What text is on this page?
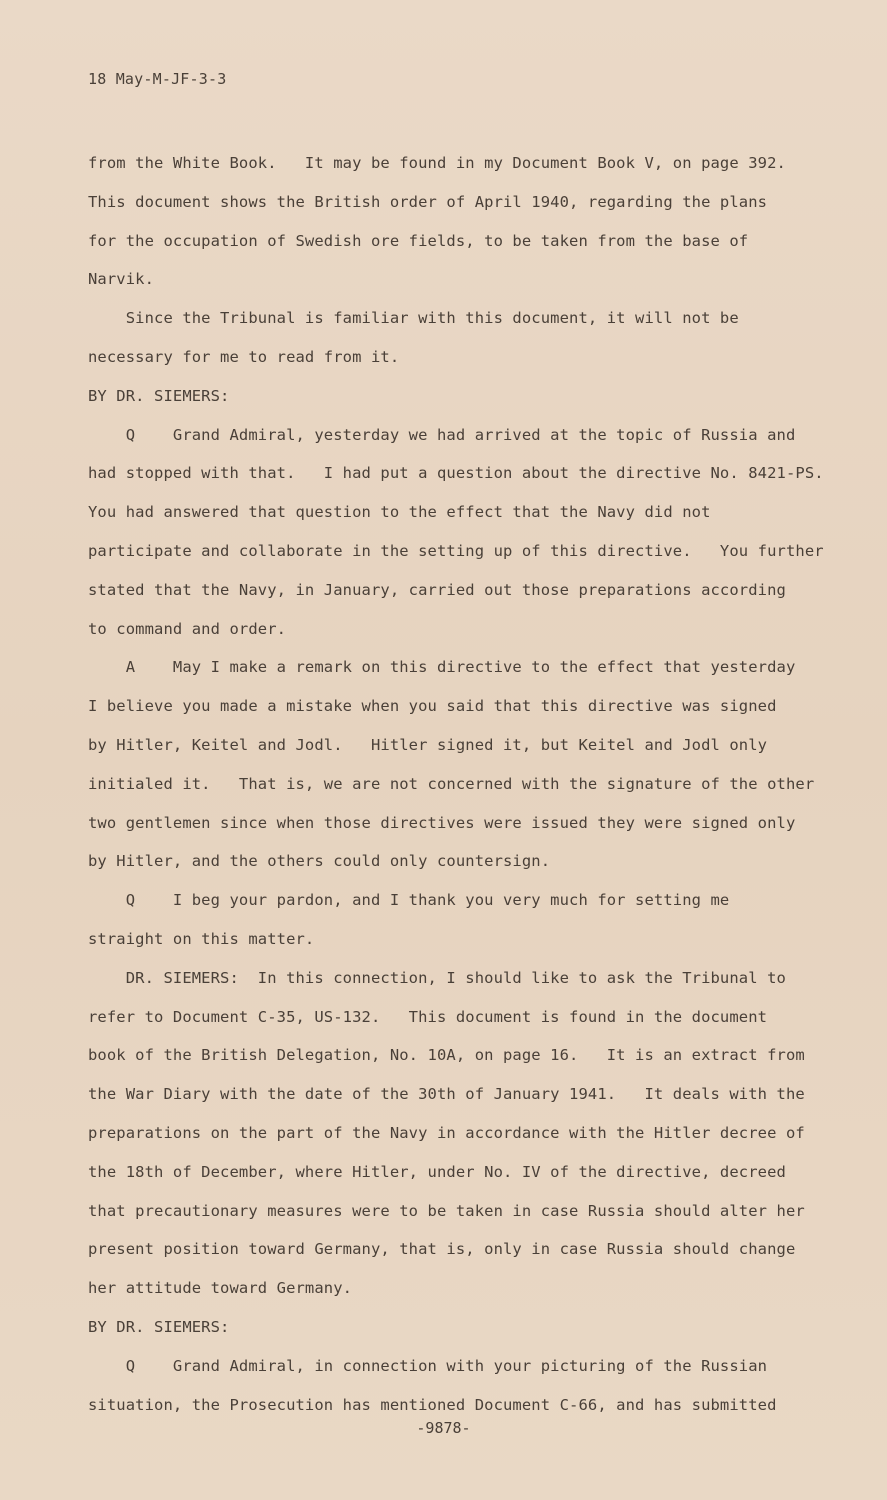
18 May-M-JF-3-3
from the White Book.   It may be found in my Document Book V, on page 392.
This document shows the British order of April 1940, regarding the plans
for the occupation of Swedish ore fields, to be taken from the base of
Narvik.
Since the Tribunal is familiar with this document, it will not be
necessary for me to read from it.
BY DR. SIEMERS:
Q    Grand Admiral, yesterday we had arrived at the topic of Russia and
had stopped with that.   I had put a question about the directive No. 8421-PS.
You had answered that question to the effect that the Navy did not
participate and collaborate in the setting up of this directive.   You further
stated that the Navy, in January, carried out those preparations according
to command and order.
A    May I make a remark on this directive to the effect that yesterday
I believe you made a mistake when you said that this directive was signed
by Hitler, Keitel and Jodl.   Hitler signed it, but Keitel and Jodl only
initialed it.   That is, we are not concerned with the signature of the other
two gentlemen since when those directives were issued they were signed only
by Hitler, and the others could only countersign.
Q    I beg your pardon, and I thank you very much for setting me
straight on this matter.
DR. SIEMERS:  In this connection, I should like to ask the Tribunal to
refer to Document C-35, US-132.   This document is found in the document
book of the British Delegation, No. 10A, on page 16.   It is an extract from
the War Diary with the date of the 30th of January 1941.   It deals with the
preparations on the part of the Navy in accordance with the Hitler decree of
the 18th of December, where Hitler, under No. IV of the directive, decreed
that precautionary measures were to be taken in case Russia should alter her
present position toward Germany, that is, only in case Russia should change
her attitude toward Germany.
BY DR. SIEMERS:
Q    Grand Admiral, in connection with your picturing of the Russian
situation, the Prosecution has mentioned Document C-66, and has submitted
-9878-
